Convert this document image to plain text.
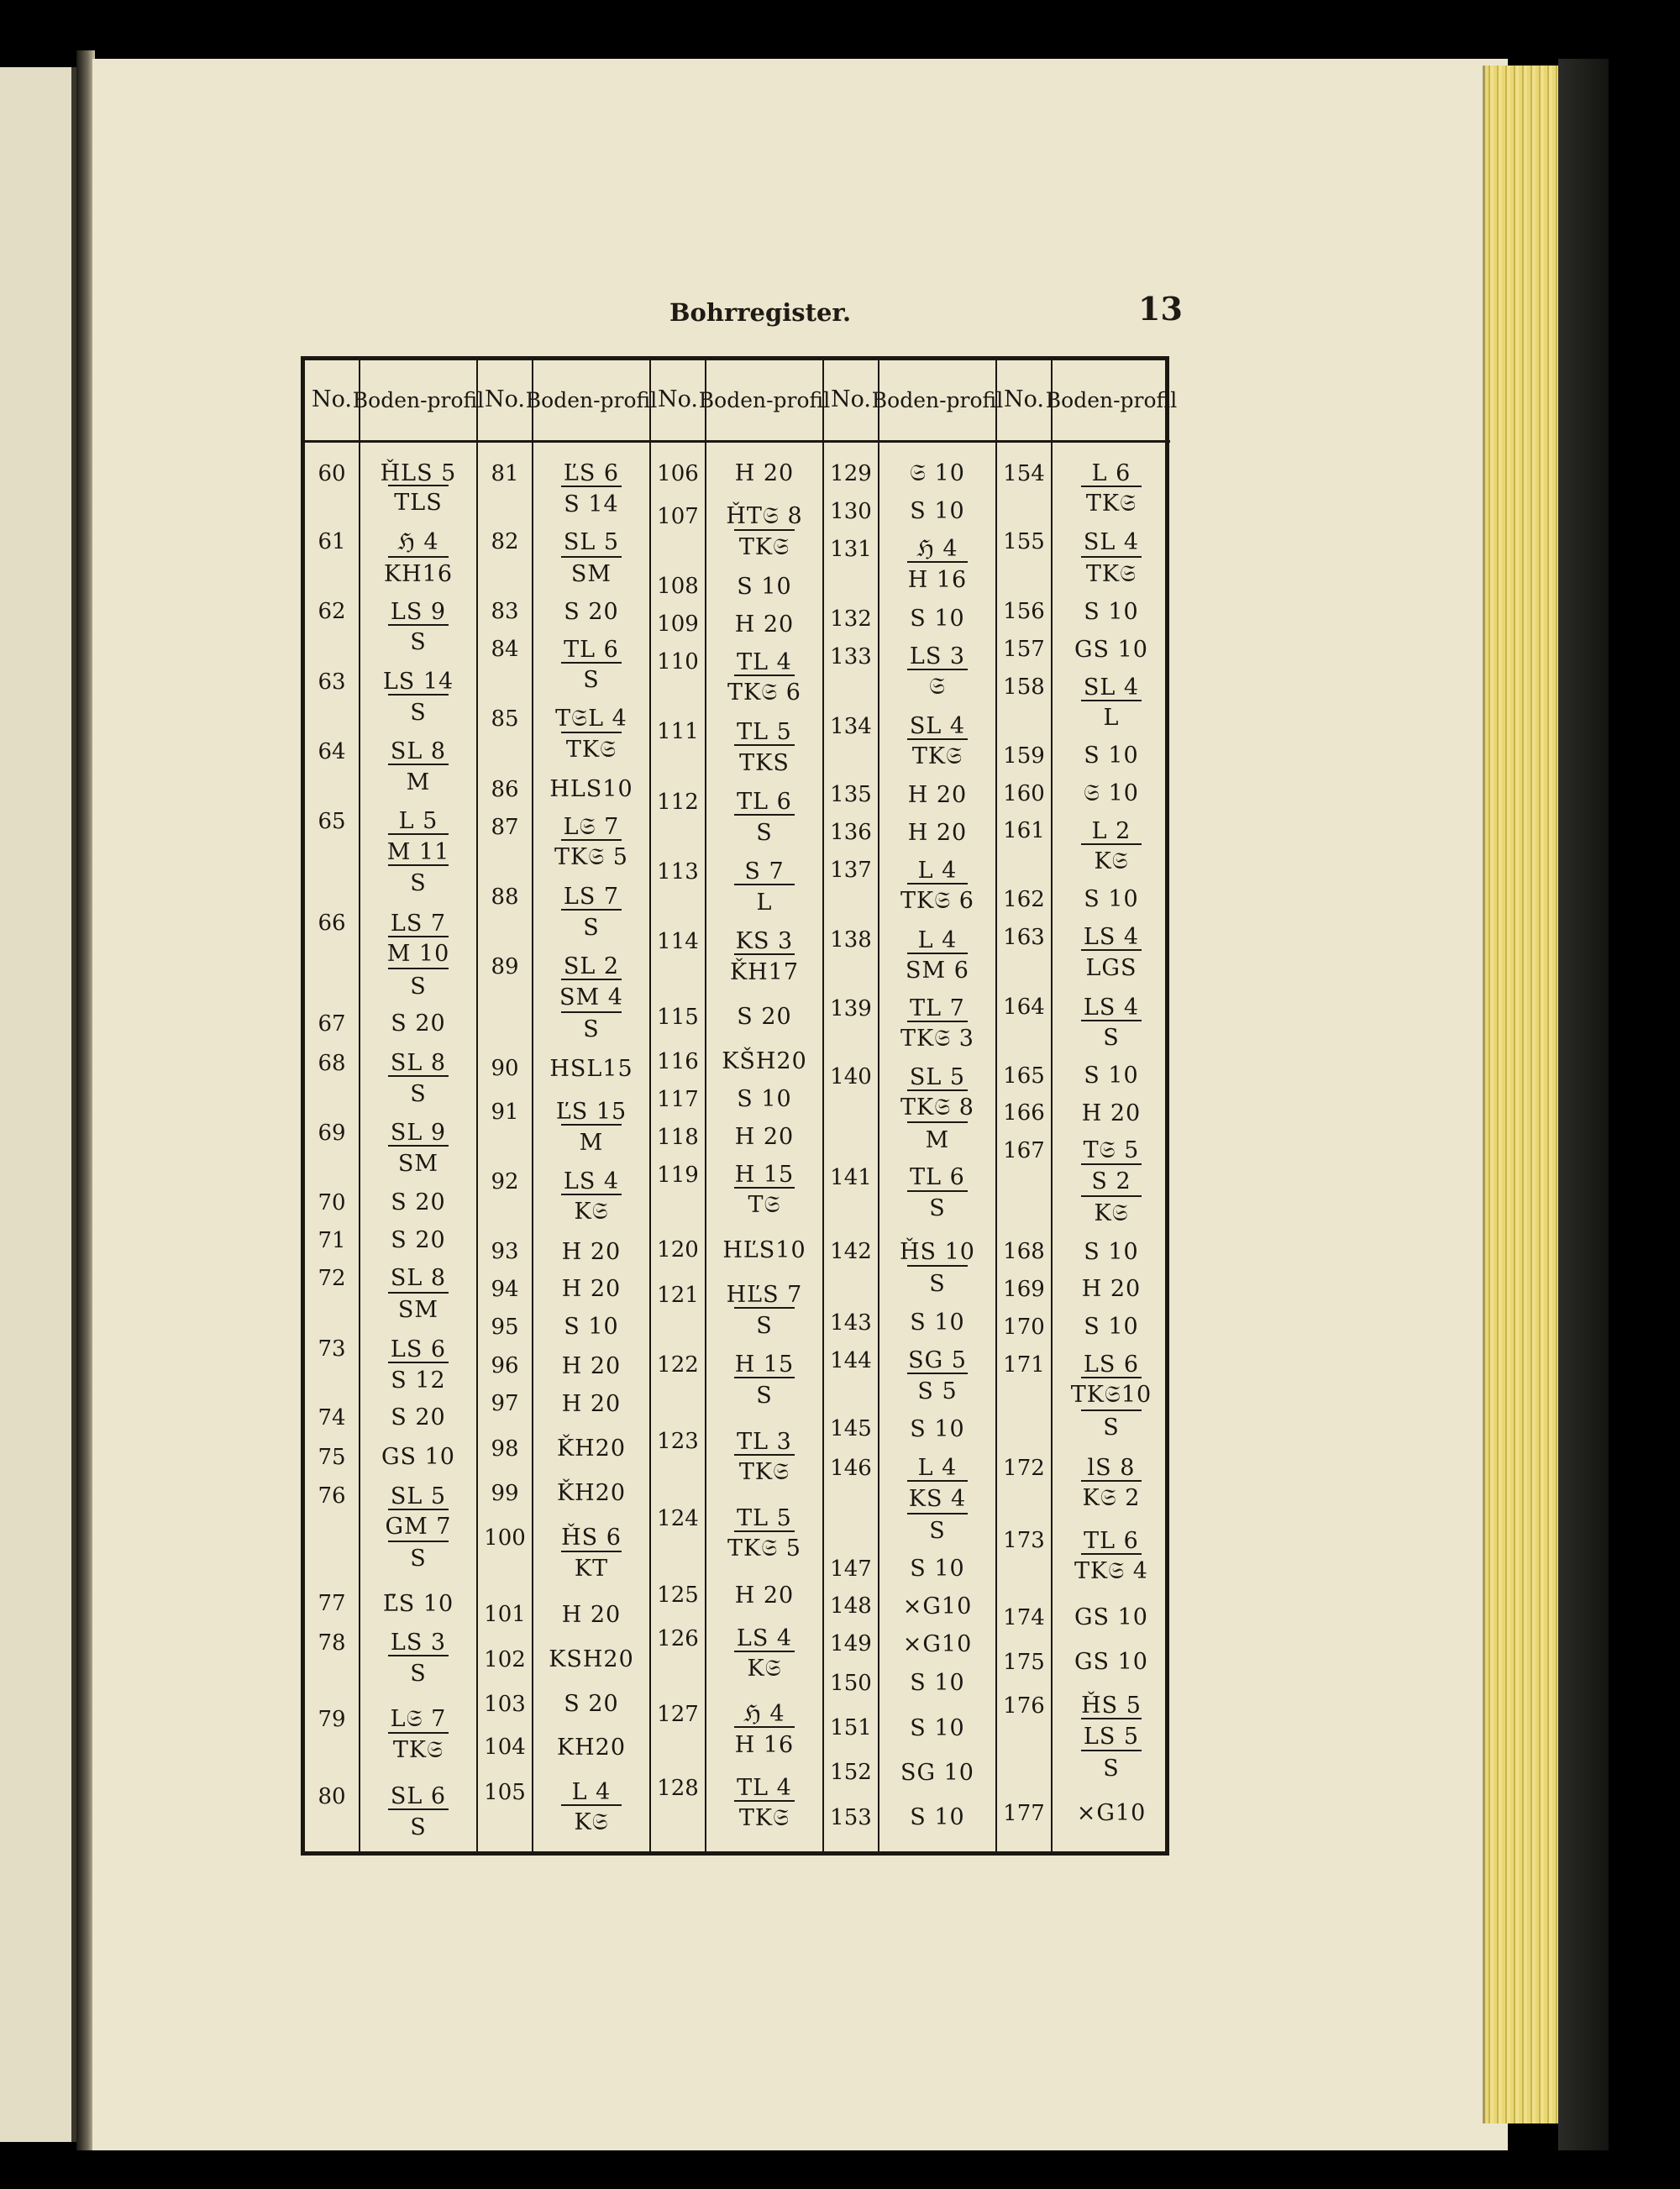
Bohrregister.	13
No.
60
61
62
63
64
65
66
67
68
69
70
71
72
73
74
75
76
77
78
79
80
Boden- profil
ȞLS 5
TLS
ℌ 4
KH16
LS 9
S
LS 14
S
SL 8
M
L 5
M 11
S
LS 7
M 10
S
S 20
SL 8
S
SL 9
SM
S 20
S 20
SL 8
SM
LS 6
S 12
S 20
GS 10
SL 5
GM 7
S
Ľ̄S 10
LS 3
S
L𝔖 7
TK𝔖
SL 6
S
No.
81
82
83
84
85
86
87
88
89
90
91
92
93
94
95
96
97
98
99
100
101
102
103
104
105
Boden- profil
ĽS 6
S 14
SL 5
SM
S 20
TL 6
S
T𝔖L 4
TK𝔖
HLS10
L𝔖 7
TK𝔖 5
LS 7
S
SL 2
SM 4
S
HSL15
ĽS 15
M
LS 4
K𝔖
H 20
H 20
S 10
H 20
H 20
ǨH20
ǨH20
ȞS 6
KT
H 20
KSH20
S 20
KH20
L 4
K𝔖
No.
106
107
108
109
110
111
112
113
114
115
116
117
118
119
120
121
122
123
124
125
126
127
128
Boden- profil
H 20
ȞT𝔖 8
TK𝔖
S 10
H 20
TL 4
TK𝔖 6
TL 5
TKS
TL 6
S
S 7
L
KS 3
ǨH17
S 20
KŠH20
S 10
H 20
H 15
T𝔖
HĽS10
HĽS 7
S
H 15
S
TL 3
TK𝔖
TL 5
TK𝔖 5
H 20
LS 4
K𝔖
ℌ 4
H 16
TL 4
TK𝔖
No.
129
130
131
132
133
134
135
136
137
138
139
140
141
142
143
144
145
146
147
148
149
150
151
152
153
Boden- profil
𝔖 10
S 10
ℌ 4
H 16
S 10
LS 3
𝔖
SL 4
TK𝔖
H 20
H 20
L 4
TK𝔖 6
L 4
SM 6
TL 7
TK𝔖 3
SL 5
TK𝔖 8
M
TL 6
S
ȞS 10
S
S 10
SG 5
S 5
S 10
L 4
KS 4
S
S 10
×G10
×G10
S 10
S 10
SG 10
S 10
No.
154
155
156
157
158
159
160
161
162
163
164
165
166
167
168
169
170
171
172
173
174
175
176
177
Boden- profil
L 6
TK𝔖
SL 4
TK𝔖
S 10
GS 10
SL 4
L
S 10
𝔖 10
L 2
K𝔖
S 10
LS 4
LGS
LS 4
S
S 10
H 20
T𝔖 5
S 2
K𝔖
S 10
H 20
S 10
LS 6
TK𝔖10
S
lS 8
K𝔖 2
TL 6
TK𝔖 4
GS 10
GS 10
ȞS 5
LS 5
S
×G10
